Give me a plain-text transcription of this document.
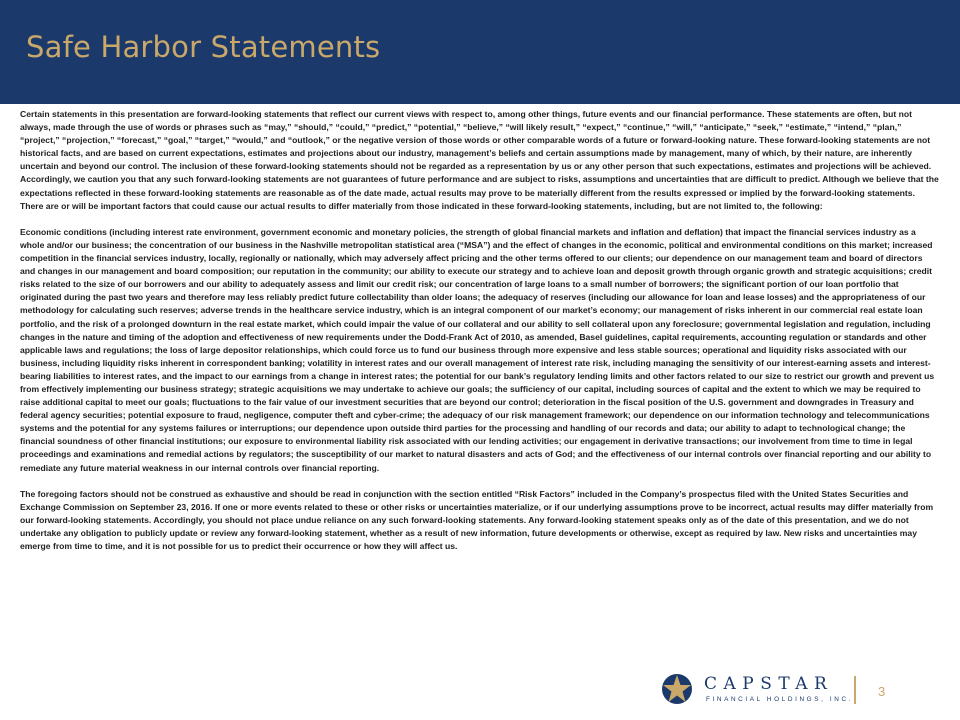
Safe Harbor Statements

Certain statements in this presentation are forward-looking statements that reflect our current views with respect to, among other things, future events and our financial performance. These statements are often, but not always, made through the use of words or phrases such as “may,” “should,” “could,” “predict,” “potential,” “believe,” “will likely result,” “expect,” “continue,” “will,” “anticipate,” “seek,” “estimate,” “intend,” “plan,” “project,” “projection,” “forecast,” “goal,” “target,” “would,” and “outlook,” or the negative version of those words or other comparable words of a future or forward-looking nature. These forward-looking statements are not historical facts, and are based on current expectations, estimates and projections about our industry, management’s beliefs and certain assumptions made by management, many of which, by their nature, are inherently uncertain and beyond our control. The inclusion of these forward-looking statements should not be regarded as a representation by us or any other person that such expectations, estimates and projections will be achieved. Accordingly, we caution you that any such forward-looking statements are not guarantees of future performance and are subject to risks, assumptions and uncertainties that are difficult to predict. Although we believe that the expectations reflected in these forward-looking statements are reasonable as of the date made, actual results may prove to be materially different from the results expressed or implied by the forward-looking statements. There are or will be important factors that could cause our actual results to differ materially from those indicated in these forward-looking statements, including, but are not limited to, the following:

Economic conditions (including interest rate environment, government economic and monetary policies, the strength of global financial markets and inflation and deflation) that impact the financial services industry as a whole and/or our business; the concentration of our business in the Nashville metropolitan statistical area (“MSA”) and the effect of changes in the economic, political and environmental conditions on this market; increased competition in the financial services industry, locally, regionally or nationally, which may adversely affect pricing and the other terms offered to our clients; our dependence on our management team and board of directors and changes in our management and board composition; our reputation in the community; our ability to execute our strategy and to achieve loan and deposit growth through organic growth and strategic acquisitions; credit risks related to the size of our borrowers and our ability to adequately assess and limit our credit risk; our concentration of large loans to a small number of borrowers; the significant portion of our loan portfolio that originated during the past two years and therefore may less reliably predict future collectability than older loans; the adequacy of reserves (including our allowance for loan and lease losses) and the appropriateness of our methodology for calculating such reserves; adverse trends in the healthcare service industry, which is an integral component of our market’s economy; our management of risks inherent in our commercial real estate loan portfolio, and the risk of a prolonged downturn in the real estate market, which could impair the value of our collateral and our ability to sell collateral upon any foreclosure; governmental legislation and regulation, including changes in the nature and timing of the adoption and effectiveness of new requirements under the Dodd-Frank Act of 2010, as amended, Basel guidelines, capital requirements, accounting regulation or standards and other applicable laws and regulations; the loss of large depositor relationships, which could force us to fund our business through more expensive and less stable sources; operational and liquidity risks associated with our business, including liquidity risks inherent in correspondent banking; volatility in interest rates and our overall management of interest rate risk, including managing the sensitivity of our interest-earning assets and interest-bearing liabilities to interest rates, and the impact to our earnings from a change in interest rates; the potential for our bank’s regulatory lending limits and other factors related to our size to restrict our growth and prevent us from effectively implementing our business strategy; strategic acquisitions we may undertake to achieve our goals; the sufficiency of our capital, including sources of capital and the extent to which we may be required to raise additional capital to meet our goals; fluctuations to the fair value of our investment securities that are beyond our control; deterioration in the fiscal position of the U.S. government and downgrades in Treasury and federal agency securities; potential exposure to fraud, negligence, computer theft and cyber-crime; the adequacy of our risk management framework; our dependence on our information technology and telecommunications systems and the potential for any systems failures or interruptions; our dependence upon outside third parties for the processing and handling of our records and data; our ability to adapt to technological change; the financial soundness of other financial institutions; our exposure to environmental liability risk associated with our lending activities; our engagement in derivative transactions; our involvement from time to time in legal proceedings and examinations and remedial actions by regulators; the susceptibility of our market to natural disasters and acts of God; and the effectiveness of our internal controls over financial reporting and our ability to remediate any future material weakness in our internal controls over financial reporting.

The foregoing factors should not be construed as exhaustive and should be read in conjunction with the section entitled “Risk Factors” included in the Company’s prospectus filed with the United States Securities and Exchange Commission on September 23, 2016. If one or more events related to these or other risks or uncertainties materialize, or if our underlying assumptions prove to be incorrect, actual results may differ materially from our forward-looking statements. Accordingly, you should not place undue reliance on any such forward-looking statements. Any forward-looking statement speaks only as of the date of this presentation, and we do not undertake any obligation to publicly update or review any forward-looking statement, whether as a result of new information, future developments or otherwise, except as required by law. New risks and uncertainties may emerge from time to time, and it is not possible for us to predict their occurrence or how they will affect us.

CAPSTAR
FINANCIAL HOLDINGS, INC.
3
